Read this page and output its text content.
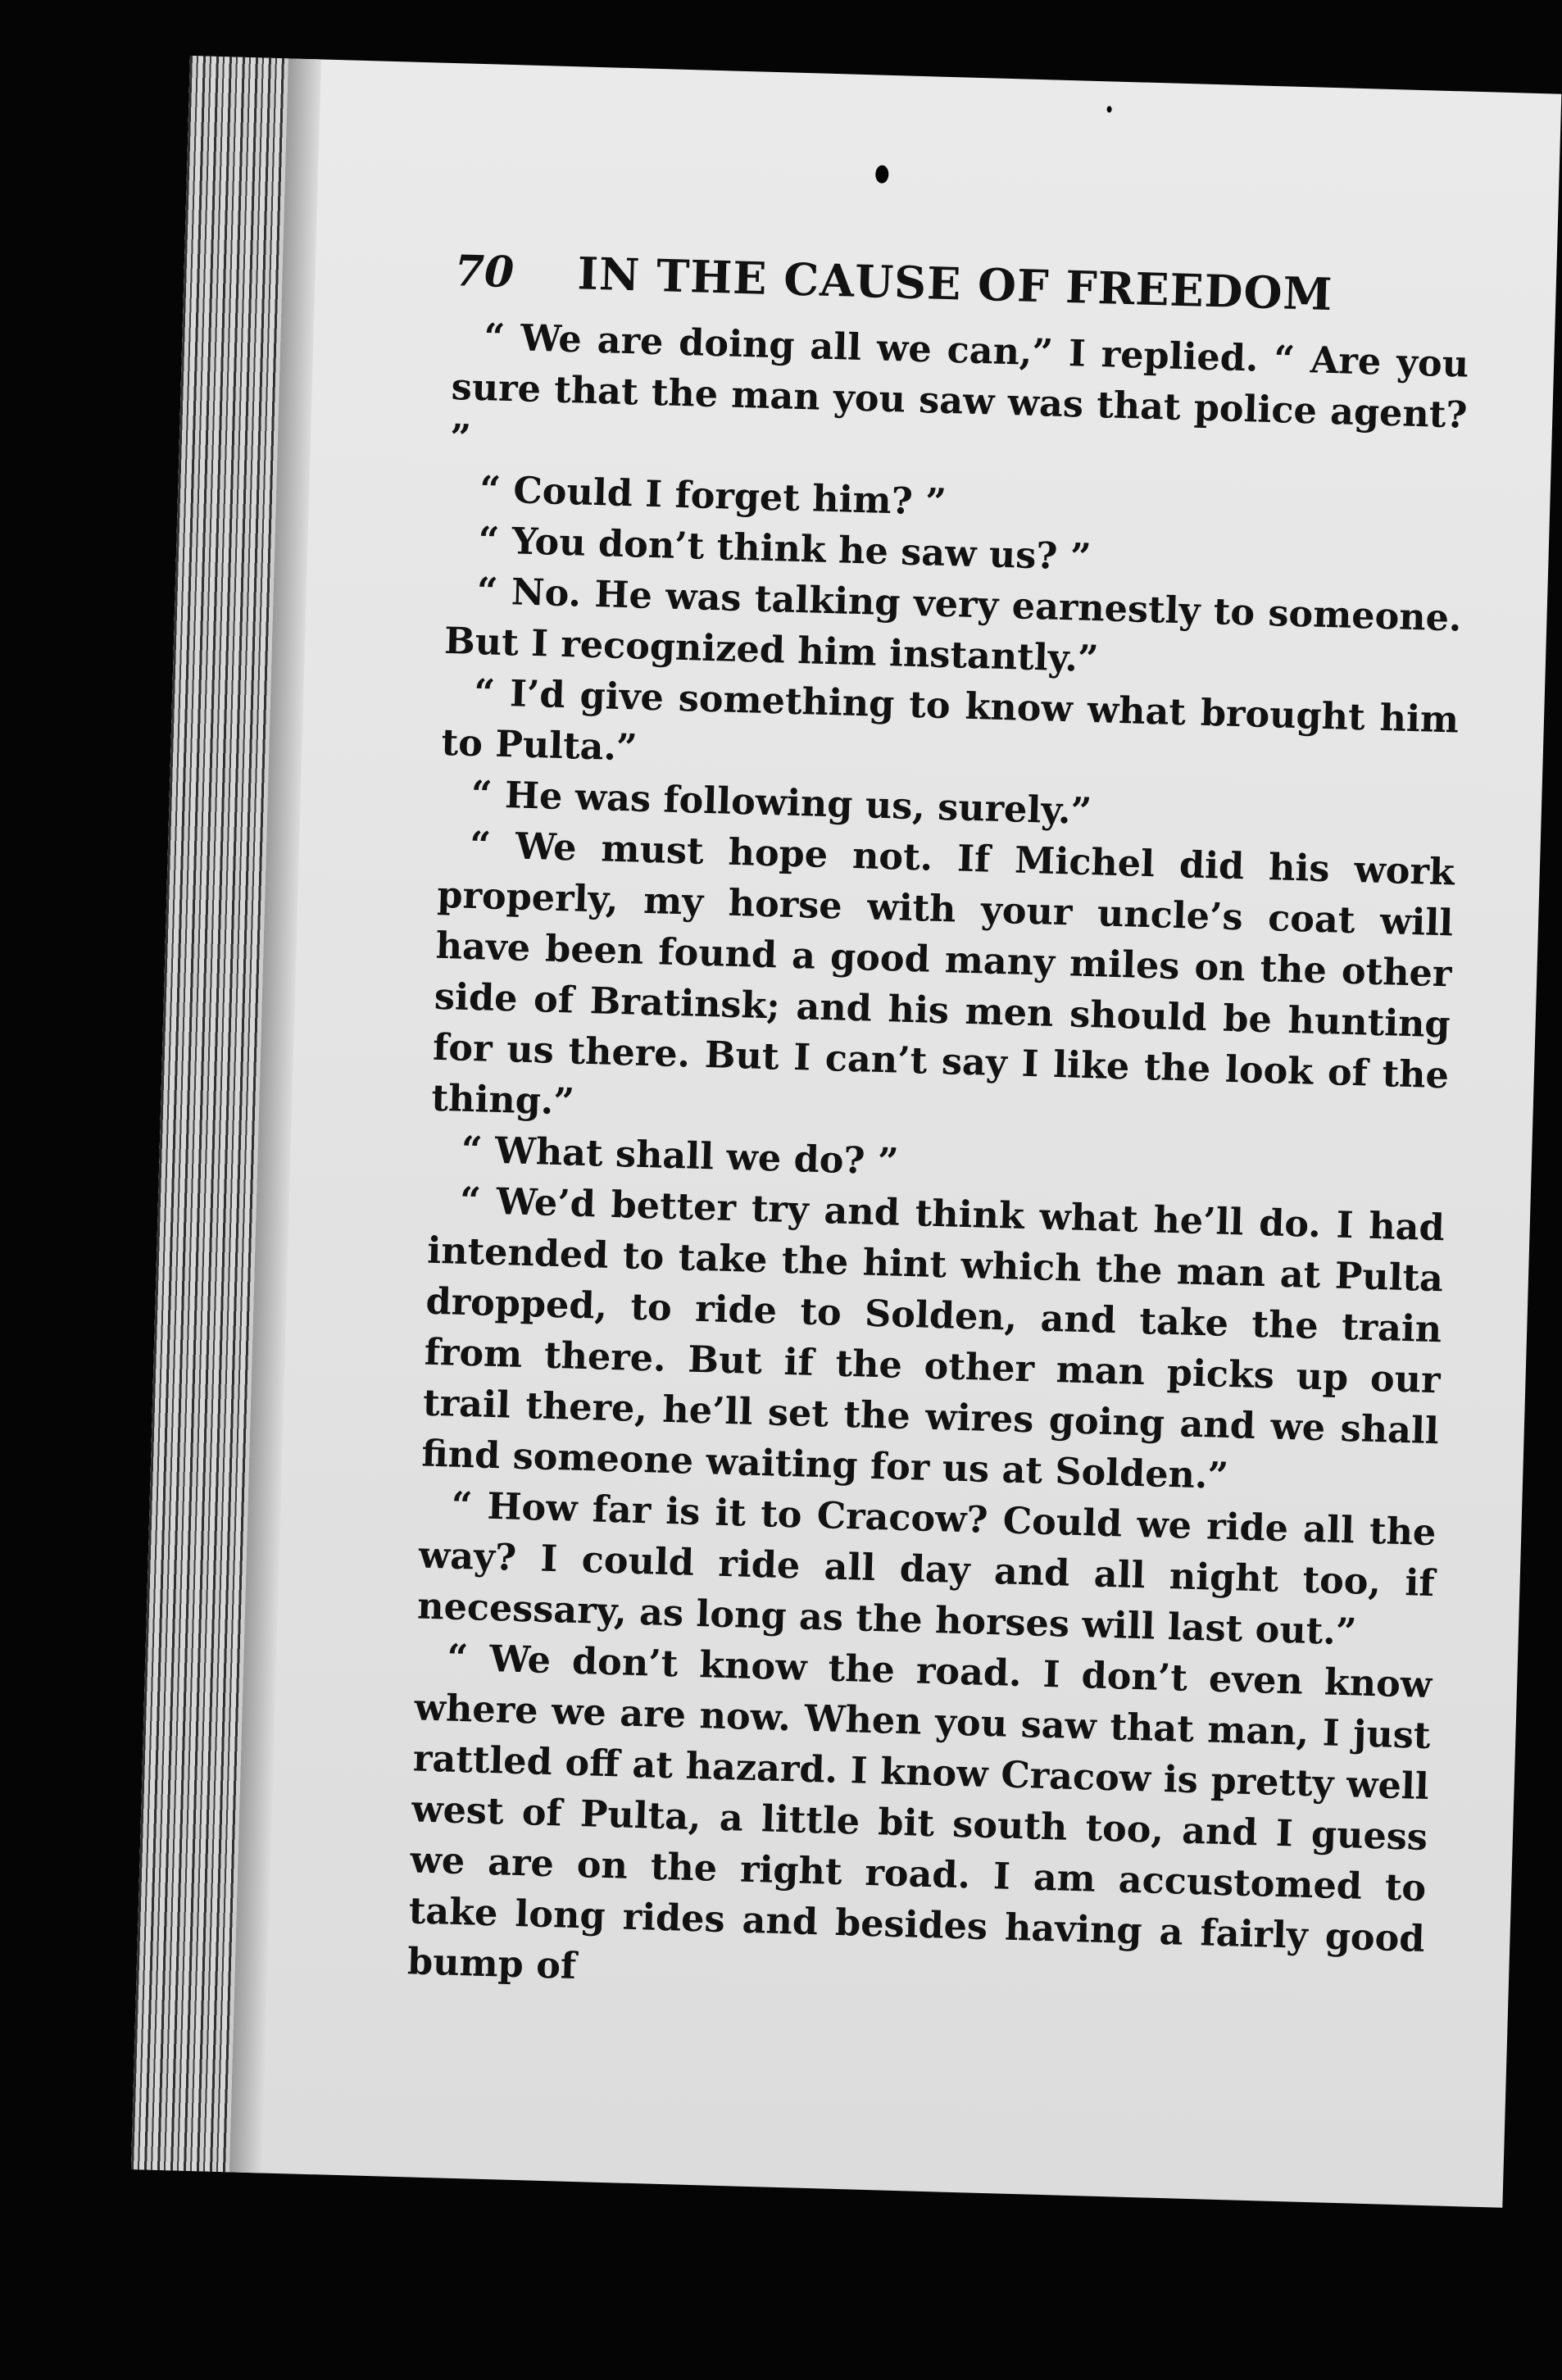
70	IN THE CAUSE OF FREEDOM

“ We are doing all we can,” I replied. “ Are you sure that the man you saw was that police agent? ”

“ Could I forget him? ”

“ You don’t think he saw us? ”

“ No. He was talking very earnestly to someone. But I recognized him instantly.”

“ I’d give something to know what brought him to Pulta.”

“ He was following us, surely.”

“ We must hope not. If Michel did his work properly, my horse with your uncle’s coat will have been found a good many miles on the other side of Bratinsk; and his men should be hunting for us there. But I can’t say I like the look of the thing.”

“ What shall we do? ”

“ We’d better try and think what he’ll do. I had intended to take the hint which the man at Pulta dropped, to ride to Solden, and take the train from there. But if the other man picks up our trail there, he’ll set the wires going and we shall find someone waiting for us at Solden.”

“ How far is it to Cracow? Could we ride all the way? I could ride all day and all night too, if necessary, as long as the horses will last out.”

“ We don’t know the road. I don’t even know where we are now. When you saw that man, I just rattled off at hazard. I know Cracow is pretty well west of Pulta, a little bit south too, and I guess we are on the right road. I am accustomed to take long rides and besides having a fairly good bump of
